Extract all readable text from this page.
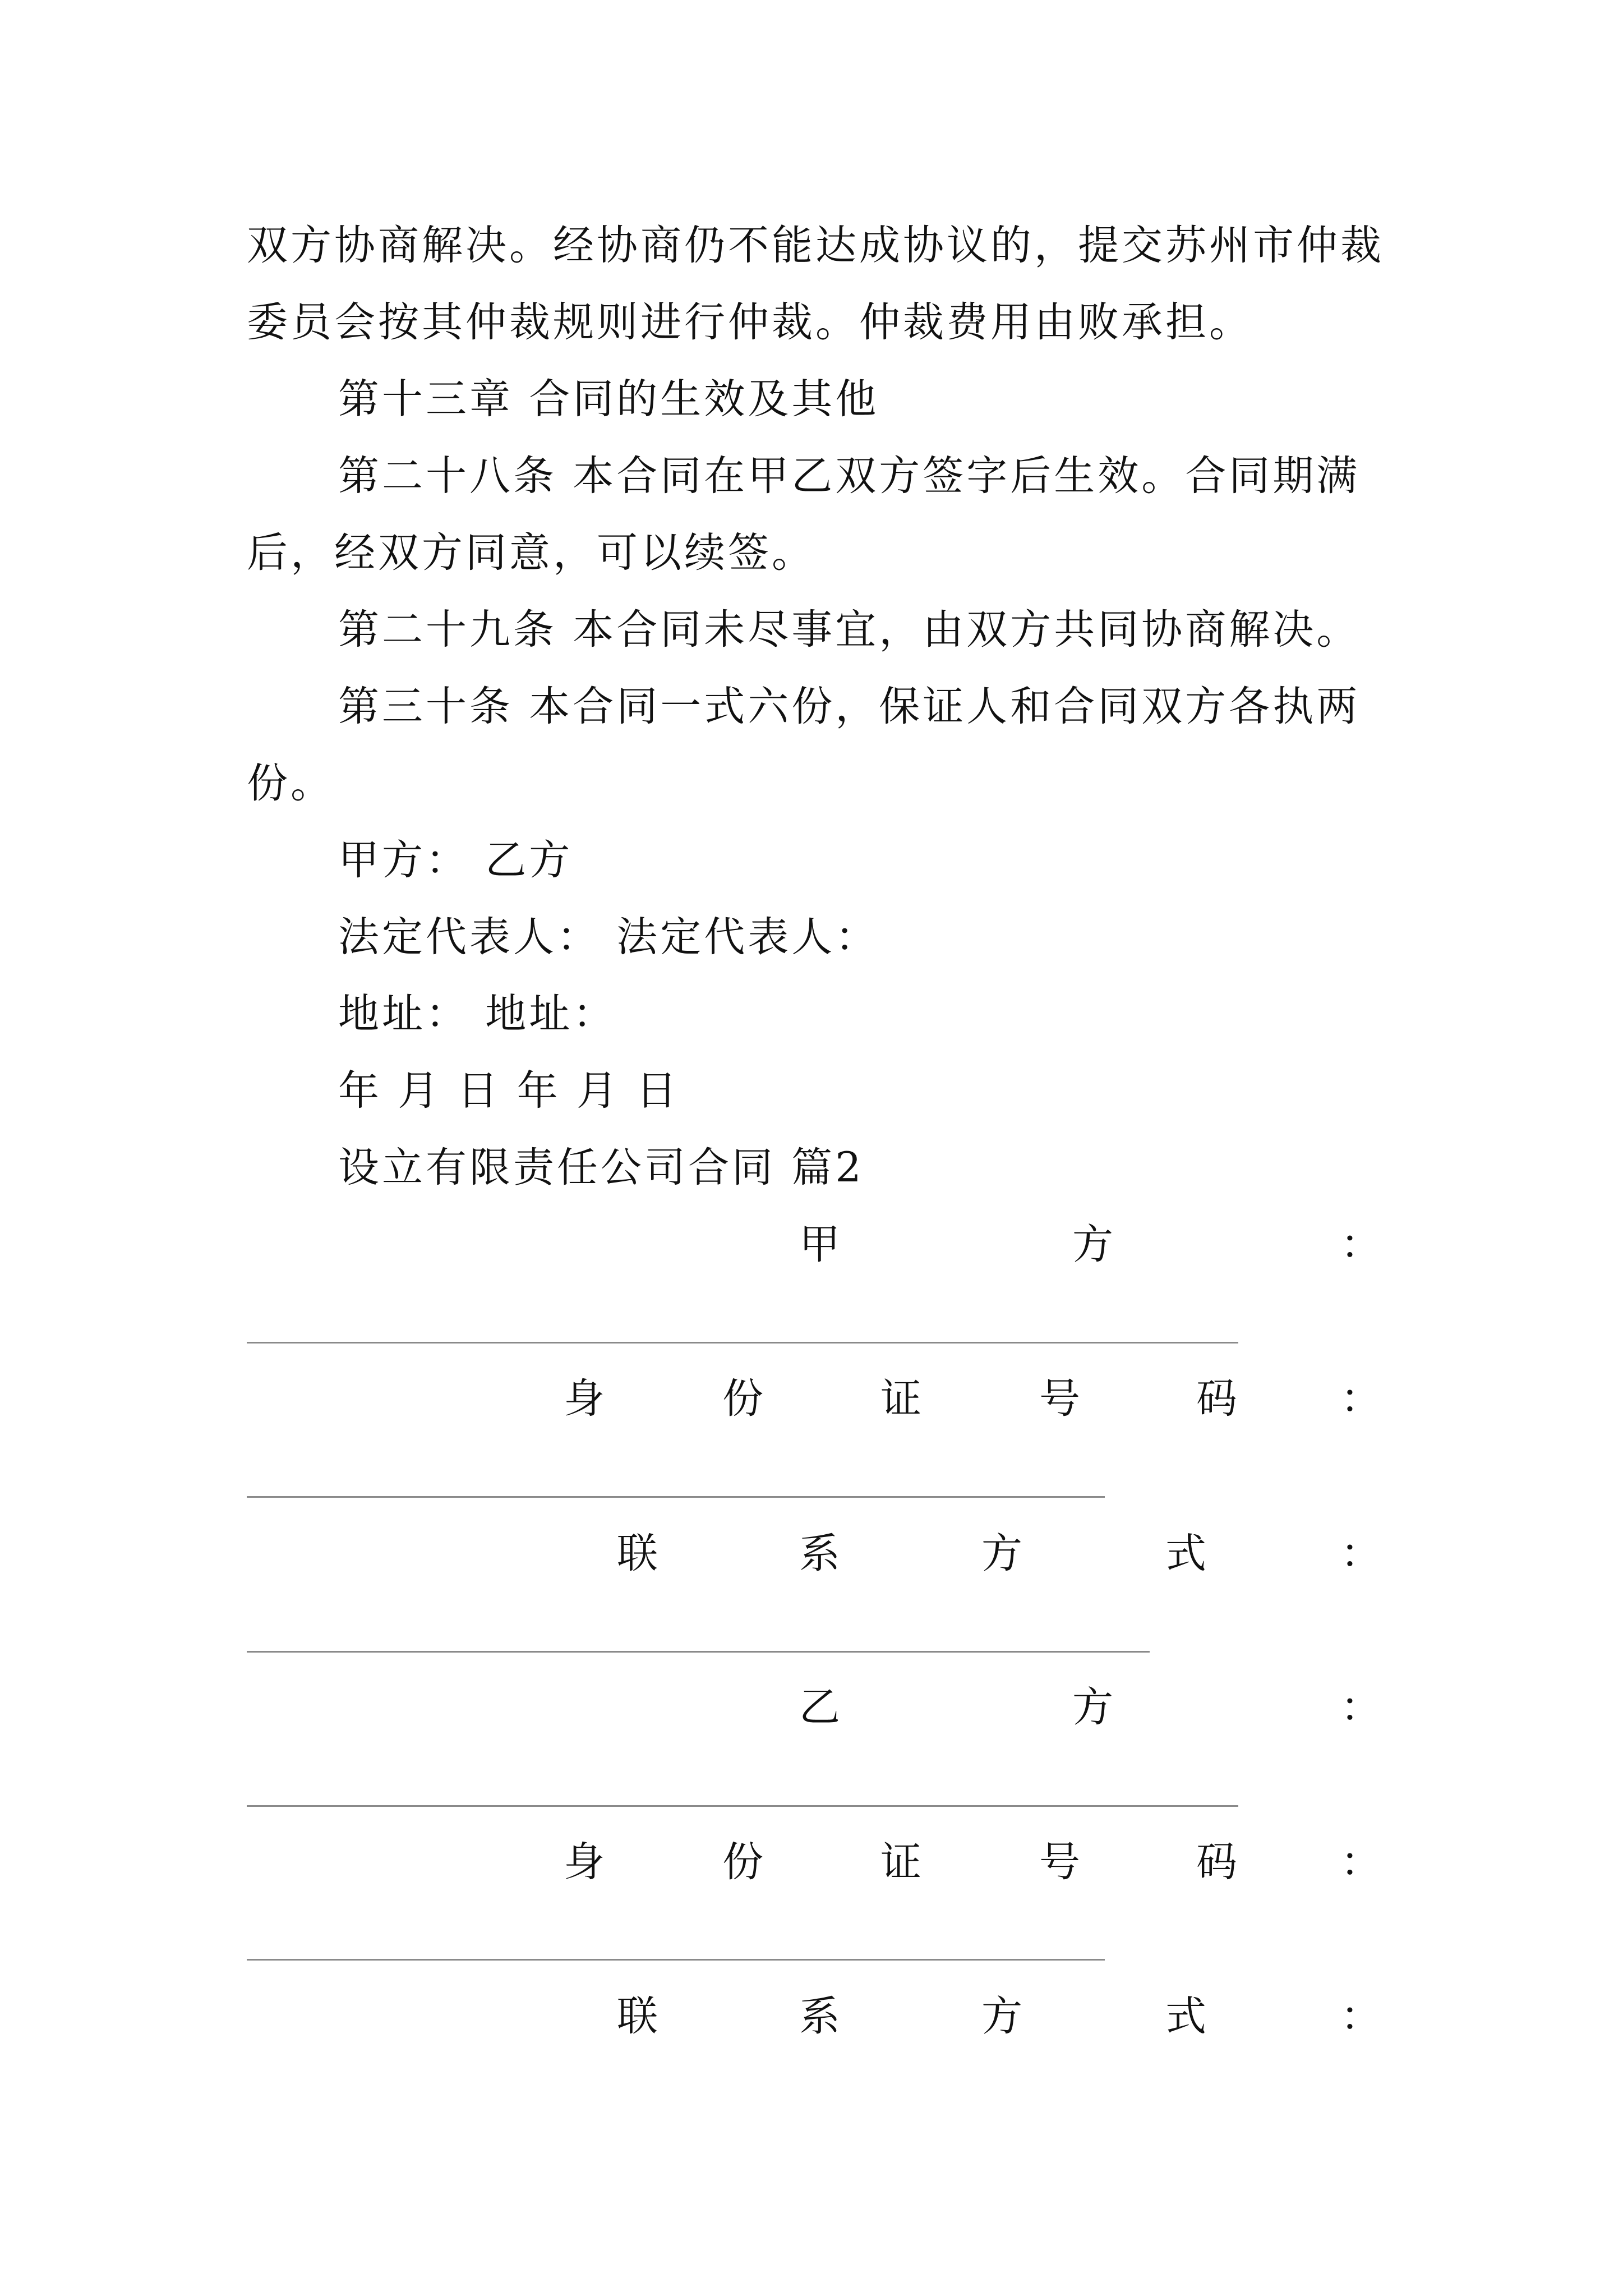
双方协商解决。经协商仍不能达成协议的，提交苏州市仲裁
委员会按其仲裁规则进行仲裁。仲裁费用由败承担。
第十三章 合同的生效及其他
第二十八条 本合同在甲乙双方签字后生效。合同期满
后，经双方同意，可以续签。
第二十九条 本合同未尽事宜，由双方共同协商解决。
第三十条 本合同一式六份，保证人和合同双方各执两
份。
甲方： 乙方
法定代表人： 法定代表人：
地址： 地址：
年 月 日 年 月 日
设立有限责任公司合同 篇2
甲	方	：
身	份	证	号	码	：
联	系	方	式	：
乙	方	：
身	份	证	号	码	：
联	系	方	式	：
